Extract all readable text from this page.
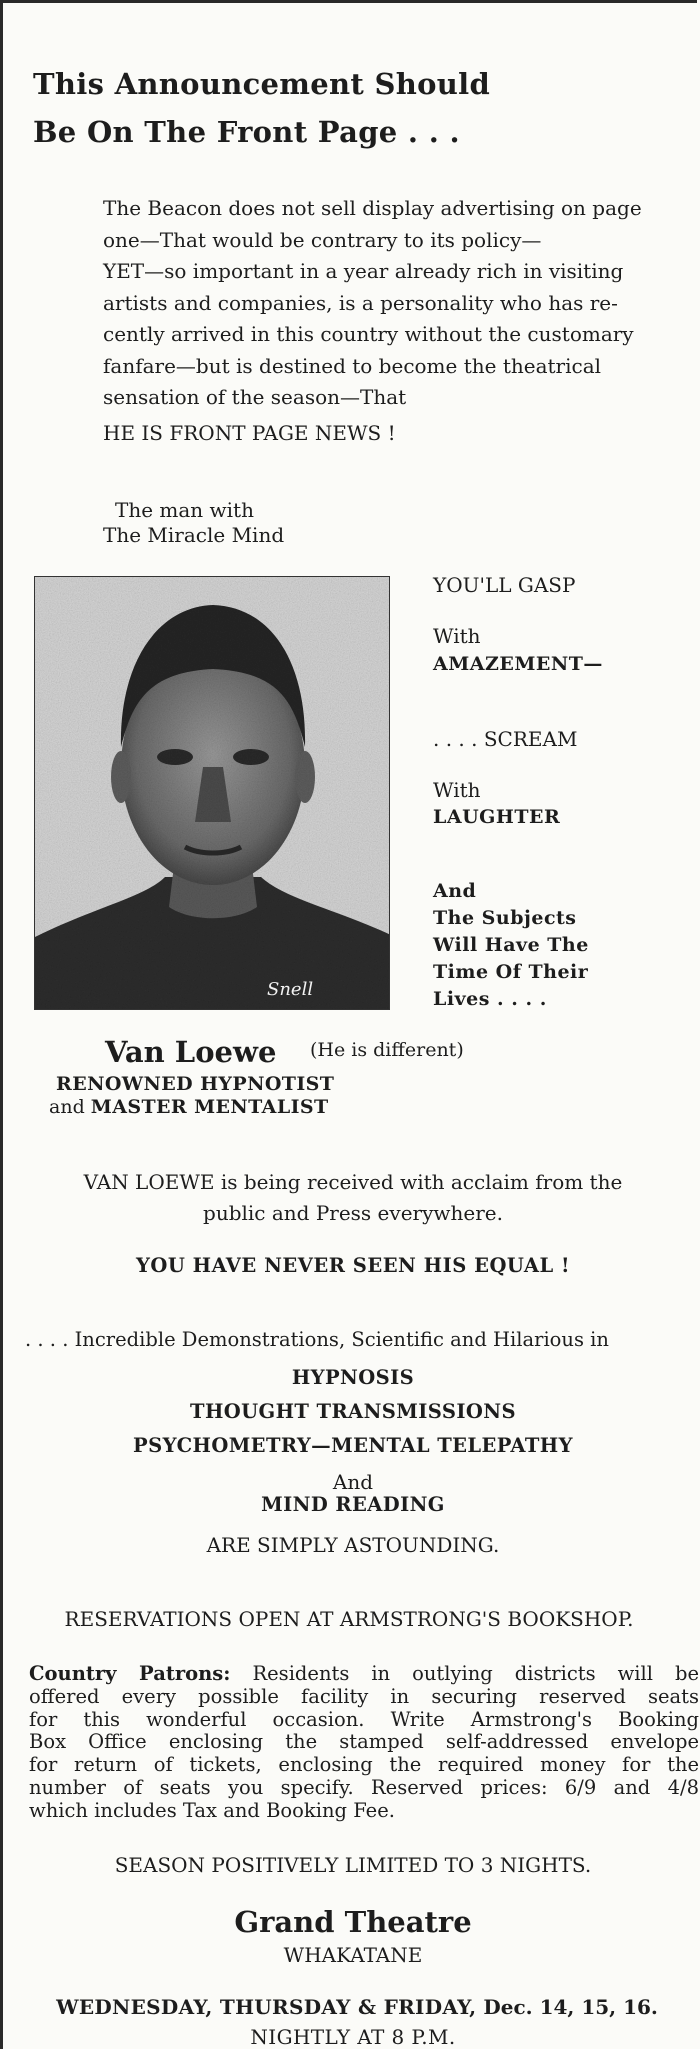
This Announcement Should
Be On The Front Page . . .
The Beacon does not sell display advertising on page
one—That would be contrary to its policy—
YET—so important in a year already rich in visiting
artists and companies, is a personality who has re-
cently arrived in this country without the customary
fanfare—but is destined to become the theatrical
sensation of the season—That
HE IS FRONT PAGE NEWS !
The man with
The Miracle Mind
Snell
YOU'LL GASP
With
AMAZEMENT—
. . . . SCREAM
With
LAUGHTER
And
The Subjects
Will Have The
Time Of Their
Lives . . . .
Van Loewe (He is different)
RENOWNED HYPNOTIST
and MASTER MENTALIST
VAN LOEWE is being received with acclaim from the
public and Press everywhere.
YOU HAVE NEVER SEEN HIS EQUAL !
. . . . Incredible Demonstrations, Scientific and Hilarious in
HYPNOSIS
THOUGHT TRANSMISSIONS
PSYCHOMETRY—MENTAL TELEPATHY
And
MIND READING
ARE SIMPLY ASTOUNDING.
RESERVATIONS OPEN AT ARMSTRONG'S BOOKSHOP.
Country Patrons: Residents in outlying districts will be
offered every possible facility in securing reserved seats
for this wonderful occasion. Write Armstrong's Booking
Box Office enclosing the stamped self-addressed envelope
for return of tickets, enclosing the required money for the
number of seats you specify. Reserved prices: 6/9 and 4/8
which includes Tax and Booking Fee.
SEASON POSITIVELY LIMITED TO 3 NIGHTS.
Grand Theatre
WHAKATANE
WEDNESDAY, THURSDAY & FRIDAY, Dec. 14, 15, 16.
NIGHTLY AT 8 P.M.
